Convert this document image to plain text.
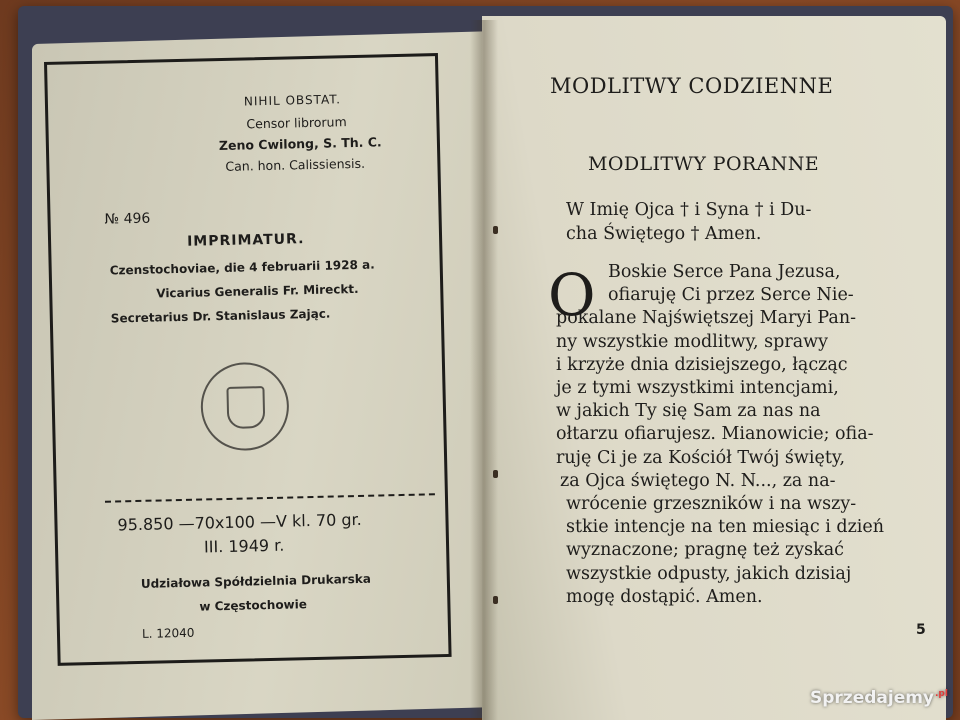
NIHIL OBSTAT.
Censor librorum
Zeno Cwilong, S. Th. C.
Can. hon. Calissiensis.
№ 496
IMPRIMATUR.
Czenstochoviae, die 4 februarii 1928 a.
Vicarius Generalis Fr. Mireckt.
Secretarius Dr. Stanislaus Zając.
95.850 —70x100 —V kl. 70 gr.
III. 1949 r.
Udziałowa Spółdzielnia Drukarska
w Częstochowie
L. 12040
MODLITWY CODZIENNE
MODLITWY PORANNE
W Imię Ojca † i Syna † i Du-
cha Świętego † Amen.
O Boskie Serce Pana Jezusa,
ofiaruję Ci przez Serce Nie-
pokalane Najświętszej Maryi Pan-
ny wszystkie modlitwy, sprawy
i krzyże dnia dzisiejszego, łącząc
je z tymi wszystkimi intencjami,
w jakich Ty się Sam za nas na
ołtarzu ofiarujesz. Mianowicie; ofia-
ruję Ci je za Kościół Twój święty,
za Ojca świętego N. N..., za na-
wrócenie grzeszników i na wszy-
stkie intencje na ten miesiąc i dzień
wyznaczone; pragnę też zyskać
wszystkie odpusty, jakich dzisiaj
mogę dostąpić. Amen.
5
Sprzedajemy$^{.pl}$
